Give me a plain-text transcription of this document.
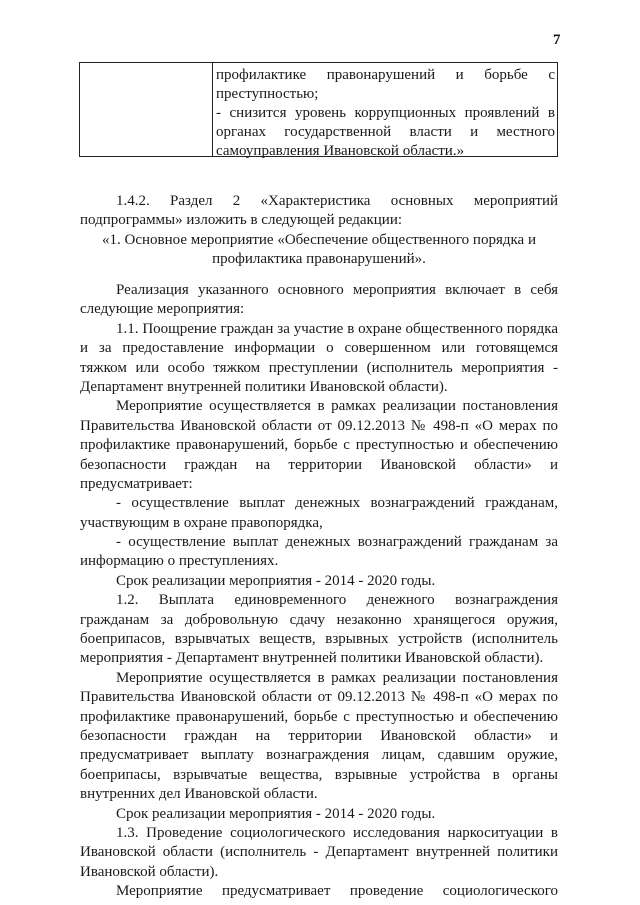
7
профилактике правонарушений и борьбе с
преступностью;
- снизится уровень коррупционных проявлений в
органах государственной власти и местного
самоуправления Ивановской области.»
1.4.2. Раздел 2 «Характеристика основных мероприятий
подпрограммы» изложить в следующей редакции:
«1. Основное мероприятие «Обеспечение общественного порядка и
профилактика правонарушений».
Реализация указанного основного мероприятия включает в себя
следующие мероприятия:
1.1. Поощрение граждан за участие в охране общественного порядка
и за предоставление информации о совершенном или готовящемся
тяжком или особо тяжком преступлении (исполнитель мероприятия -
Департамент внутренней политики Ивановской области).
Мероприятие осуществляется в рамках реализации постановления
Правительства Ивановской области от 09.12.2013 № 498-п «О мерах по
профилактике правонарушений, борьбе с преступностью и обеспечению
безопасности граждан на территории Ивановской области» и
предусматривает:
- осуществление выплат денежных вознаграждений гражданам,
участвующим в охране правопорядка,
- осуществление выплат денежных вознаграждений гражданам за
информацию о преступлениях.
Срок реализации мероприятия - 2014 - 2020 годы.
1.2. Выплата единовременного денежного вознаграждения
гражданам за добровольную сдачу незаконно хранящегося оружия,
боеприпасов, взрывчатых веществ, взрывных устройств (исполнитель
мероприятия - Департамент внутренней политики Ивановской области).
Мероприятие осуществляется в рамках реализации постановления
Правительства Ивановской области от 09.12.2013 № 498-п «О мерах по
профилактике правонарушений, борьбе с преступностью и обеспечению
безопасности граждан на территории Ивановской области» и
предусматривает выплату вознаграждения лицам, сдавшим оружие,
боеприпасы, взрывчатые вещества, взрывные устройства в органы
внутренних дел Ивановской области.
Срок реализации мероприятия - 2014 - 2020 годы.
1.3. Проведение социологического исследования наркоситуации в
Ивановской области (исполнитель - Департамент внутренней политики
Ивановской области).
Мероприятие предусматривает проведение социологического
